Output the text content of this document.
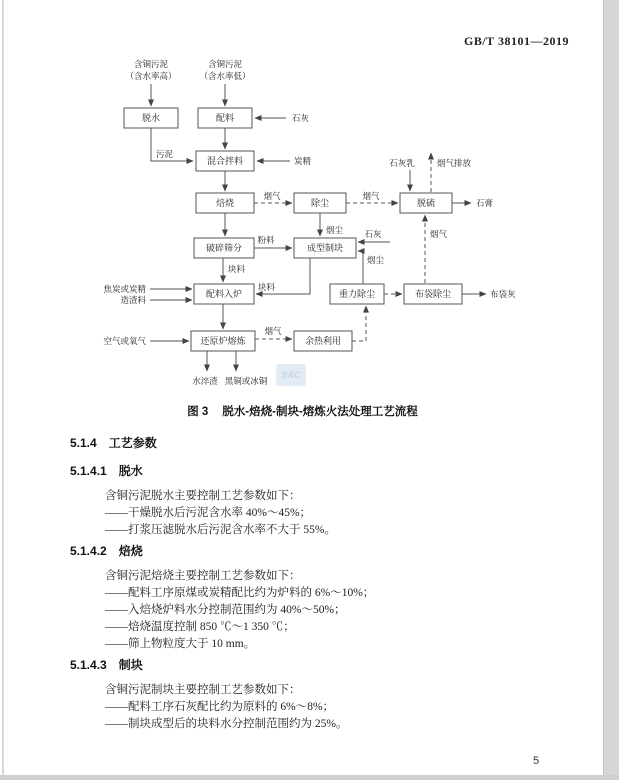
GB/T 38101—2019
脱水	配料
混合拌料
焙烧	除尘	脱硫
破碎筛分	成型制块
配料入炉	重力除尘	布袋除尘
还原炉熔炼	余热利用
含铜污泥
（含水率高）
含铜污泥
（含水率低）
石灰
污泥
炭精
烟气	烟气
石灰乳	烟气排放
石膏
烟尘	石灰
烟尘
粉料
块料
块料
焦炭或炭精
造渣料
空气或氧气
烟气
烟气
水淬渣 黑铜或冰铜
布袋灰
SAC
图 3 脱水-焙烧-制块-熔炼火法处理工艺流程
5.1.4 工艺参数
5.1.4.1 脱水

含铜污泥脱水主要控制工艺参数如下：

——干燥脱水后污泥含水率 40%～45%；

——打浆压滤脱水后污泥含水率不大于 55%。

5.1.4.2 焙烧

含铜污泥焙烧主要控制工艺参数如下：

——配料工序原煤或炭精配比约为炉料的 6%～10%；

——入焙烧炉料水分控制范围约为 40%～50%；

——焙烧温度控制 850 ℃～1 350 ℃；

——筛上物粒度大于 10 mm。

5.1.4.3 制块

含铜污泥制块主要控制工艺参数如下：

——配料工序石灰配比约为原料的 6%～8%；

——制块成型后的块料水分控制范围约为 25%。

5
